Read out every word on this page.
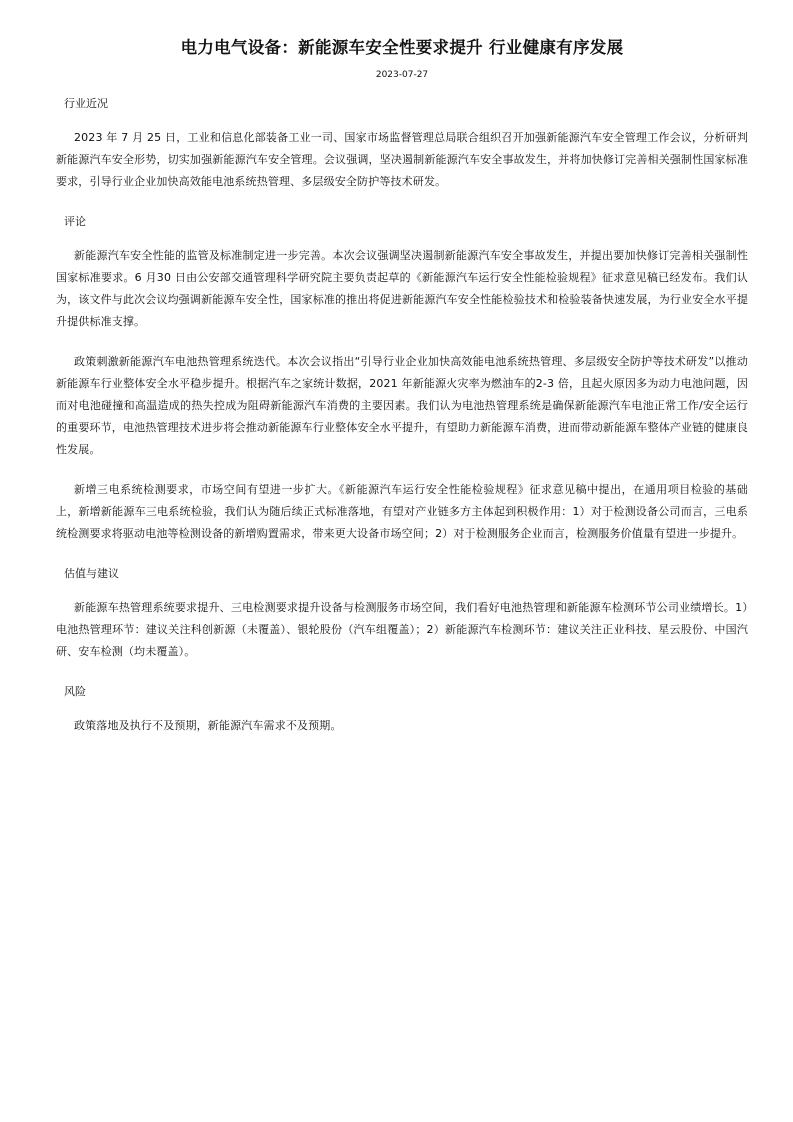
电力电气设备：新能源车安全性要求提升 行业健康有序发展
2023-07-27

行业近况

2023 年 7 月 25 日，工业和信息化部装备工业一司、国家市场监督管理总局联合组织召开加强新能源汽车安全管理工作会议，分析研判新能源汽车安全形势，切实加强新能源汽车安全管理。会议强调，坚决遏制新能源汽车安全事故发生，并将加快修订完善相关强制性国家标准要求，引导行业企业加快高效能电池系统热管理、多层级安全防护等技术研发。

评论

新能源汽车安全性能的监管及标准制定进一步完善。本次会议强调坚决遏制新能源汽车安全事故发生，并提出要加快修订完善相关强制性国家标准要求。6 月30 日由公安部交通管理科学研究院主要负责起草的《新能源汽车运行安全性能检验规程》征求意见稿已经发布。我们认为，该文件与此次会议均强调新能源车安全性，国家标准的推出将促进新能源汽车安全性能检验技术和检验装备快速发展，为行业安全水平提升提供标准支撑。

政策刺激新能源汽车电池热管理系统迭代。本次会议指出“引导行业企业加快高效能电池系统热管理、多层级安全防护等技术研发”以推动新能源车行业整体安全水平稳步提升。根据汽车之家统计数据，2021 年新能源火灾率为燃油车的2-3 倍，且起火原因多为动力电池问题，因而对电池碰撞和高温造成的热失控成为阻碍新能源汽车消费的主要因素。我们认为电池热管理系统是确保新能源汽车电池正常工作/安全运行的重要环节，电池热管理技术进步将会推动新能源车行业整体安全水平提升，有望助力新能源车消费，进而带动新能源车整体产业链的健康良性发展。

新增三电系统检测要求，市场空间有望进一步扩大。《新能源汽车运行安全性能检验规程》征求意见稿中提出，在通用项目检验的基础上，新增新能源车三电系统检验，我们认为随后续正式标准落地，有望对产业链多方主体起到积极作用：1）对于检测设备公司而言，三电系统检测要求将驱动电池等检测设备的新增购置需求，带来更大设备市场空间；2）对于检测服务企业而言，检测服务价值量有望进一步提升。

估值与建议

新能源车热管理系统要求提升、三电检测要求提升设备与检测服务市场空间，我们看好电池热管理和新能源车检测环节公司业绩增长。1）电池热管理环节：建议关注科创新源（未覆盖）、银轮股份（汽车组覆盖）；2）新能源汽车检测环节：建议关注正业科技、星云股份、中国汽研、安车检测（均未覆盖）。

风险

政策落地及执行不及预期，新能源汽车需求不及预期。
